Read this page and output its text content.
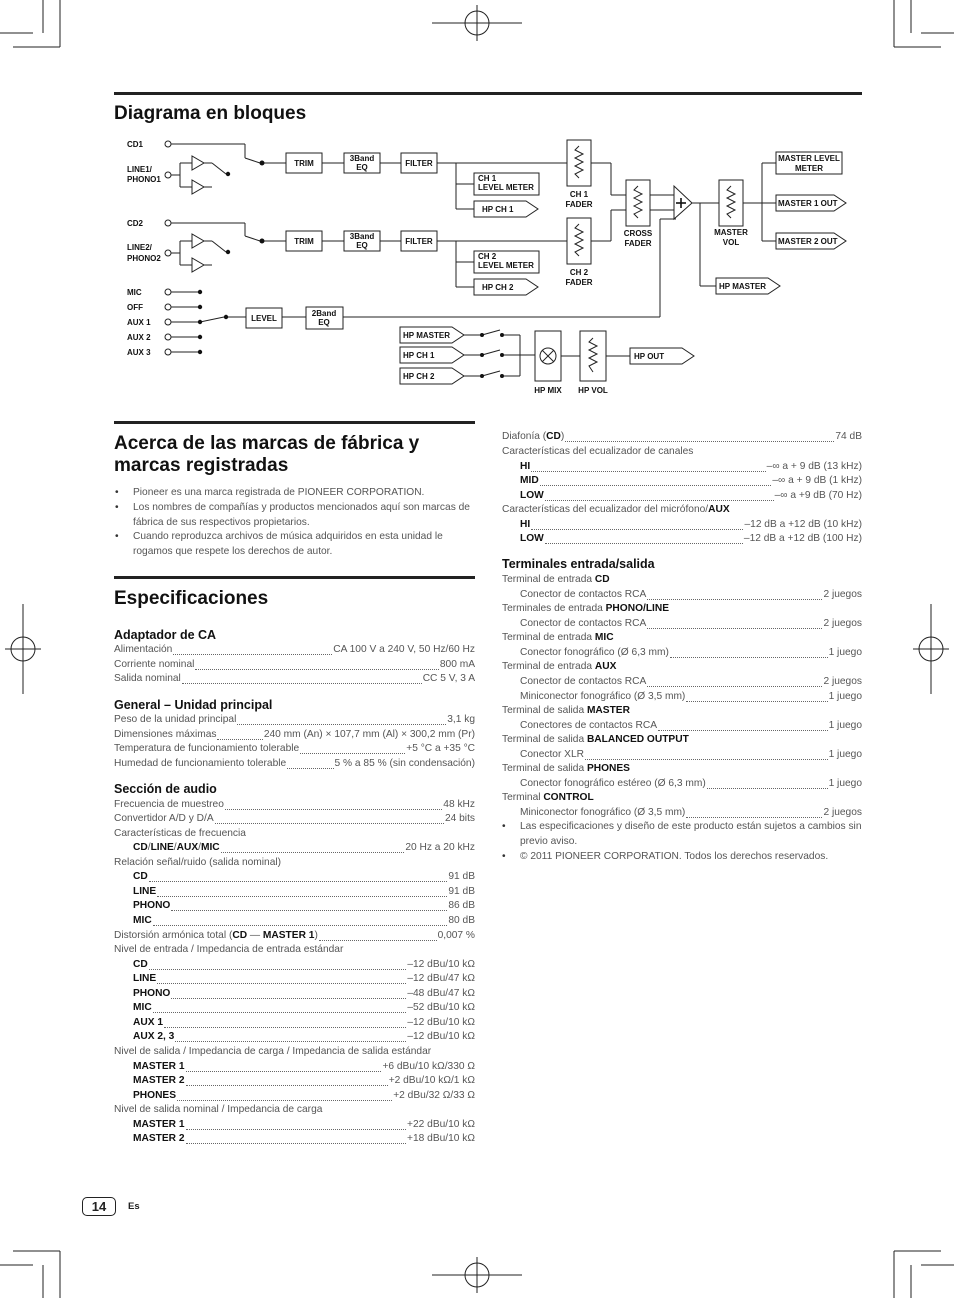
Diagrama en bloques
CD1
LINE1/
PHONO1
CD2
LINE2/
PHONO2
MIC
OFF
AUX 1
AUX 2
AUX 3
TRIM
3Band
EQ	FILTER
TRIM
3Band
EQ	FILTER
CH 1
LEVEL METER
HP CH 1
CH 2
LEVEL METER
HP CH 2
CH 1
FADER
CH 2
FADER
CROSS
FADER
MASTER
VOL
MASTER LEVEL
METER
MASTER 1 OUT
MASTER 2 OUT
HP MASTER
LEVEL
2Band
EQ
HP MASTER
HP CH 1
HP CH 2
HP OUT
HP MIX HP VOL
Acerca de las marcas de fábrica y
marcas registradas
• Pioneer es una marca registrada de PIONEER CORPORATION.
• Los nombres de compañías y productos mencionados aquí son marcas de fábrica de sus respectivos propietarios.
• Cuando reproduzca archivos de música adquiridos en esta unidad le rogamos que respete los derechos de autor.
Especificaciones
Adaptador de CA
Alimentación	CA 100 V a 240 V, 50 Hz/60 Hz
Corriente nominal	800 mA
Salida nominal	CC 5 V, 3 A
General – Unidad principal
Peso de la unidad principal	3,1 kg
Dimensiones máximas	240 mm (An) × 107,7 mm (Al) × 300,2 mm (Pr)
Temperatura de funcionamiento tolerable	+5 °C a +35 °C
Humedad de funcionamiento tolerable	5 % a 85 % (sin condensación)
Sección de audio
Frecuencia de muestreo	48 kHz
Convertidor A/D y D/A	24 bits
Características de frecuencia
CD/LINE/AUX/MIC	20 Hz a 20 kHz
Relación señal/ruido (salida nominal)
CD	91 dB
LINE	91 dB
PHONO	86 dB
MIC	80 dB
Distorsión armónica total (CD — MASTER 1)	0,007 %
Nivel de entrada / Impedancia de entrada estándar
CD	–12 dBu/10 kΩ
LINE	–12 dBu/47 kΩ
PHONO	–48 dBu/47 kΩ
MIC	–52 dBu/10 kΩ
AUX 1	–12 dBu/10 kΩ
AUX 2, 3	–12 dBu/10 kΩ
Nivel de salida / Impedancia de carga / Impedancia de salida estándar
MASTER 1	+6 dBu/10 kΩ/330 Ω
MASTER 2	+2 dBu/10 kΩ/1 kΩ
PHONES	+2 dBu/32 Ω/33 Ω
Nivel de salida nominal / Impedancia de carga
MASTER 1	+22 dBu/10 kΩ
MASTER 2	+18 dBu/10 kΩ
Diafonía (CD)	74 dB
Características del ecualizador de canales
HI	–∞ a + 9 dB (13 kHz)
MID	–∞ a + 9 dB (1 kHz)
LOW	–∞ a +9 dB (70 Hz)
Características del ecualizador del micrófono/AUX
HI	–12 dB a +12 dB (10 kHz)
LOW	–12 dB a +12 dB (100 Hz)
Terminales entrada/salida
Terminal de entrada CD
Conector de contactos RCA	2 juegos
Terminales de entrada PHONO/LINE
Conector de contactos RCA	2 juegos
Terminal de entrada MIC
Conector fonográfico (Ø 6,3 mm)	1 juego
Terminal de entrada AUX
Conector de contactos RCA	2 juegos
Miniconector fonográfico (Ø 3,5 mm)	1 juego
Terminal de salida MASTER
Conectores de contactos RCA	1 juego
Terminal de salida BALANCED OUTPUT
Conector XLR	1 juego
Terminal de salida PHONES
Conector fonográfico estéreo (Ø 6,3 mm)	1 juego
Terminal CONTROL
Miniconector fonográfico (Ø 3,5 mm)	2 juegos
• Las especificaciones y diseño de este producto están sujetos a cambios sin previo aviso.
• © 2011 PIONEER CORPORATION. Todos los derechos reservados.
14	Es
